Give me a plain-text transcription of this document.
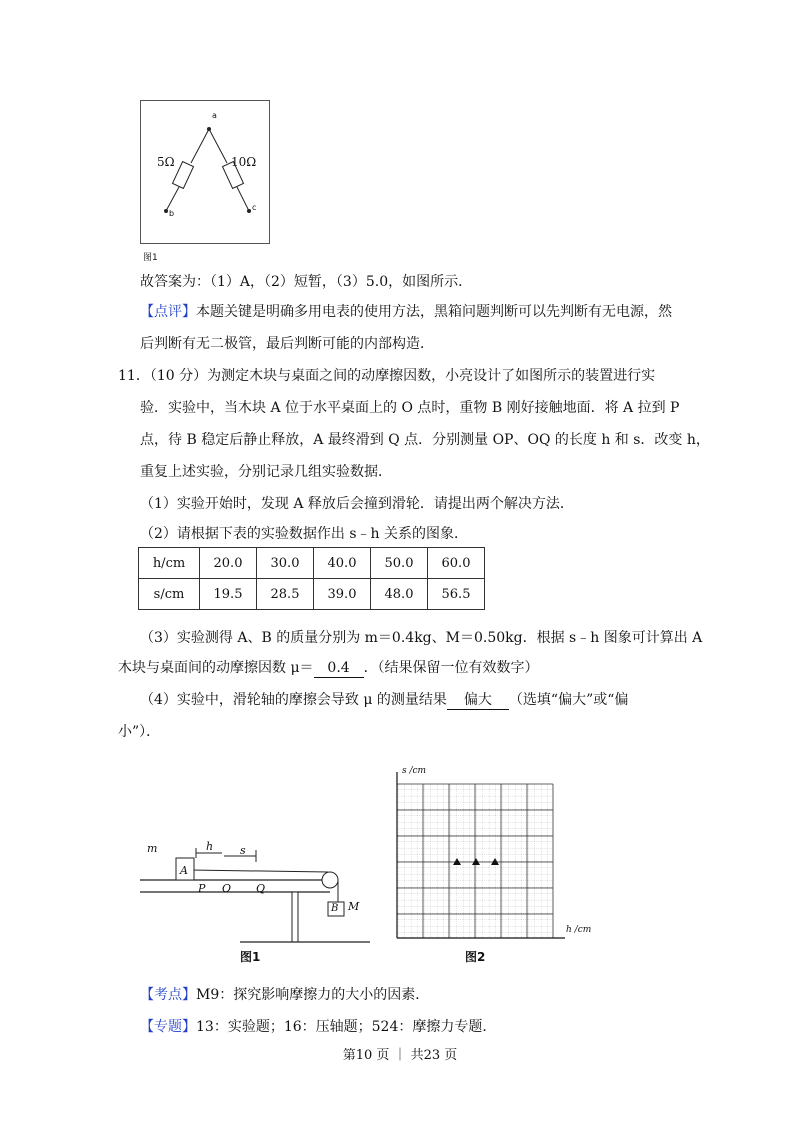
a
b
c
5Ω	10Ω
图1
故答案为：（1）A，（2）短暂，（3）5.0，如图所示．
【点评】本题关键是明确多用电表的使用方法，黑箱问题判断可以先判断有无电源，然
后判断有无二极管，最后判断可能的内部构造．
11．（10 分）为测定木块与桌面之间的动摩擦因数，小亮设计了如图所示的装置进行实
验．实验中，当木块 A 位于水平桌面上的 O 点时，重物 B 刚好接触地面．将 A 拉到 P
点，待 B 稳定后静止释放，A 最终滑到 Q 点．分别测量 OP、OQ 的长度 h 和 s．改变 h，
重复上述实验，分别记录几组实验数据．
（1）实验开始时，发现 A 释放后会撞到滑轮．请提出两个解决方法．
（2）请根据下表的实验数据作出 s﹣h 关系的图象．
h/cm	20.0	30.0	40.0	50.0	60.0
s/cm	19.5	28.5	39.0	48.0	56.5
（3）实验测得 A、B 的质量分别为 m＝0.4kg、M＝0.50kg．根据 s﹣h 图象可计算出 A
木块与桌面间的动摩擦因数 μ＝ 0.4 ．（结果保留一位有效数字）
（4）实验中，滑轮轴的摩擦会导致 μ 的测量结果 偏大 （选填“偏大”或“偏
小”）．
m
A
h s
P O Q
B M
图1
s /cm
h /cm
图2
【考点】M9：探究影响摩擦力的大小的因素．
【专题】13：实验题；16：压轴题；524：摩擦力专题．
第10 页 ｜ 共23 页
